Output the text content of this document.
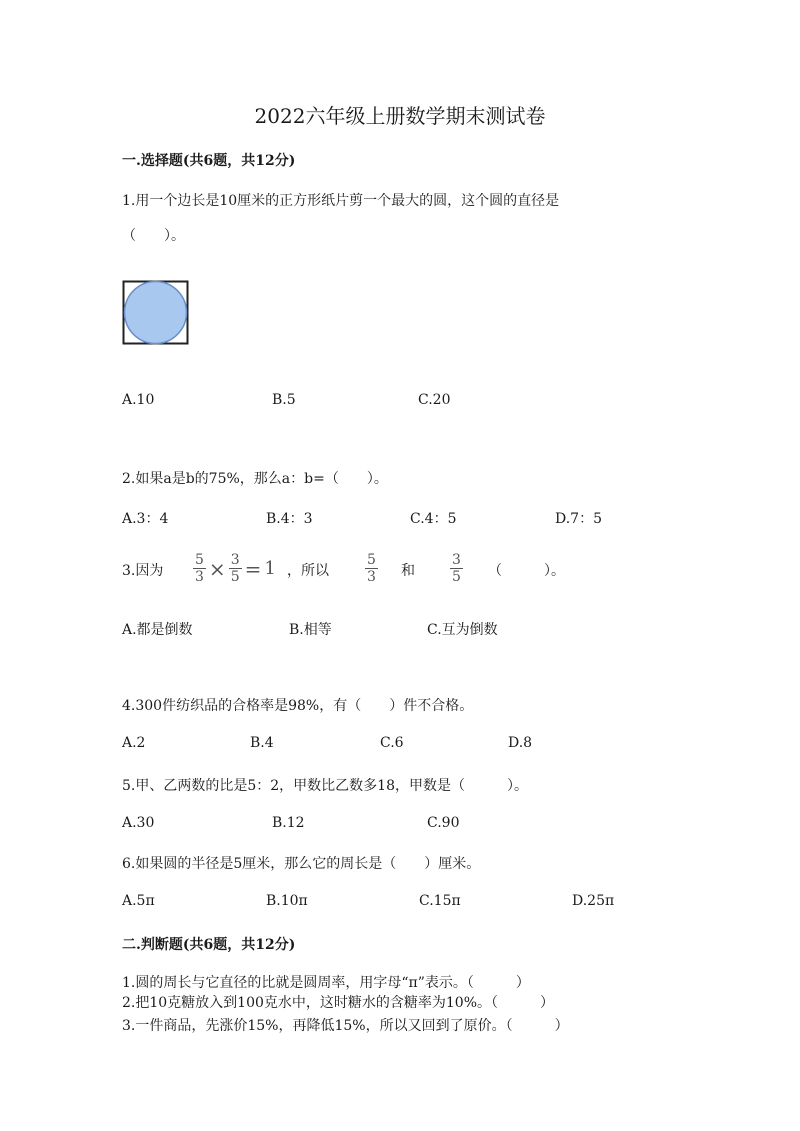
2022六年级上册数学期末测试卷
一.选择题(共6题，共12分)
1.用一个边长是10厘米的正方形纸片剪一个最大的圆，这个圆的直径是
（　　）。
A.10	B.5	C.20
2.如果a是b的75%，那么a：b=（　　）。
A.3：4	B.4：3	C.4：5	D.7：5
3.因为 $\frac{5}{3} \times \frac{3}{5} = 1$ ，所以	$\frac{5}{3}$ 和	$\frac{3}{5}$ （　　　）。
A.都是倒数	B.相等	C.互为倒数
4.300件纺织品的合格率是98%，有（　　）件不合格。
A.2	B.4	C.6	D.8
5.甲、乙两数的比是5：2，甲数比乙数多18，甲数是（　　　）。
A.30	B.12	C.90
6.如果圆的半径是5厘米，那么它的周长是（　　）厘米。
A.5π	B.10π	C.15π	D.25π
二.判断题(共6题，共12分)
1.圆的周长与它直径的比就是圆周率，用字母“π”表示。（　　　）
2.把10克糖放入到100克水中，这时糖水的含糖率为10%。（　　　）
3.一件商品，先涨价15%，再降低15%，所以又回到了原价。（　　　）
